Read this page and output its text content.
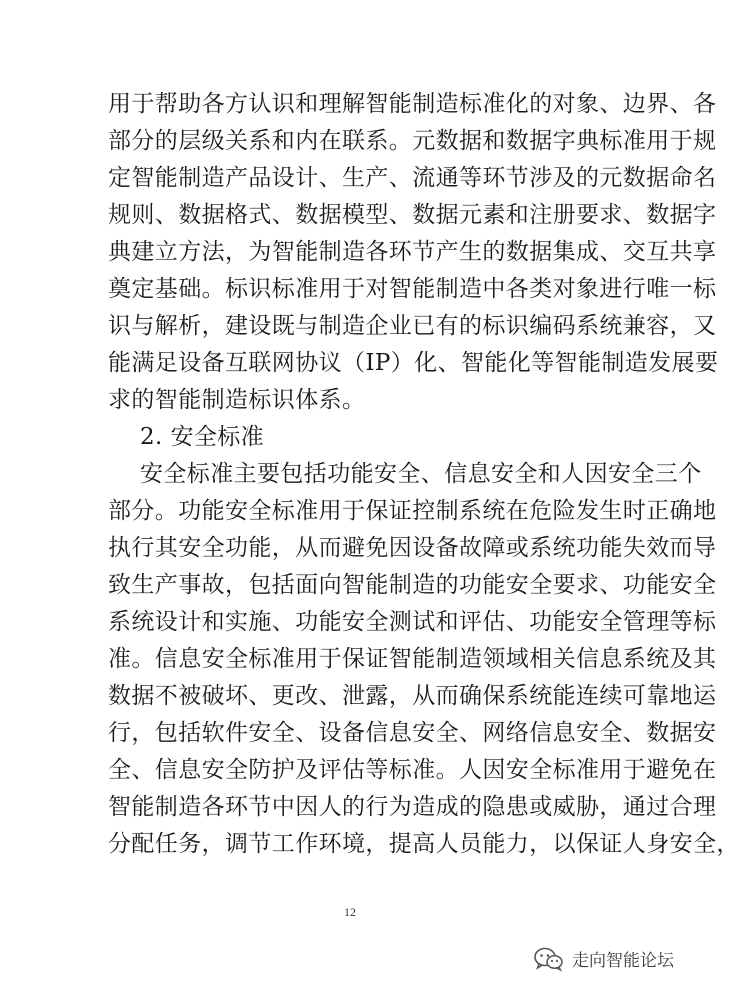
用于帮助各方认识和理解智能制造标准化的对象、边界、各
部分的层级关系和内在联系。元数据和数据字典标准用于规
定智能制造产品设计、生产、流通等环节涉及的元数据命名
规则、数据格式、数据模型、数据元素和注册要求、数据字
典建立方法，为智能制造各环节产生的数据集成、交互共享
奠定基础。标识标准用于对智能制造中各类对象进行唯一标
识与解析，建设既与制造企业已有的标识编码系统兼容，又
能满足设备互联网协议（IP）化、智能化等智能制造发展要
求的智能制造标识体系。
2. 安全标准
安全标准主要包括功能安全、信息安全和人因安全三个
部分。功能安全标准用于保证控制系统在危险发生时正确地
执行其安全功能，从而避免因设备故障或系统功能失效而导
致生产事故，包括面向智能制造的功能安全要求、功能安全
系统设计和实施、功能安全测试和评估、功能安全管理等标
准。信息安全标准用于保证智能制造领域相关信息系统及其
数据不被破坏、更改、泄露，从而确保系统能连续可靠地运
行，包括软件安全、设备信息安全、网络信息安全、数据安
全、信息安全防护及评估等标准。人因安全标准用于避免在
智能制造各环节中因人的行为造成的隐患或威胁，通过合理
分配任务，调节工作环境，提高人员能力，以保证人身安全，
12
走向智能论坛
